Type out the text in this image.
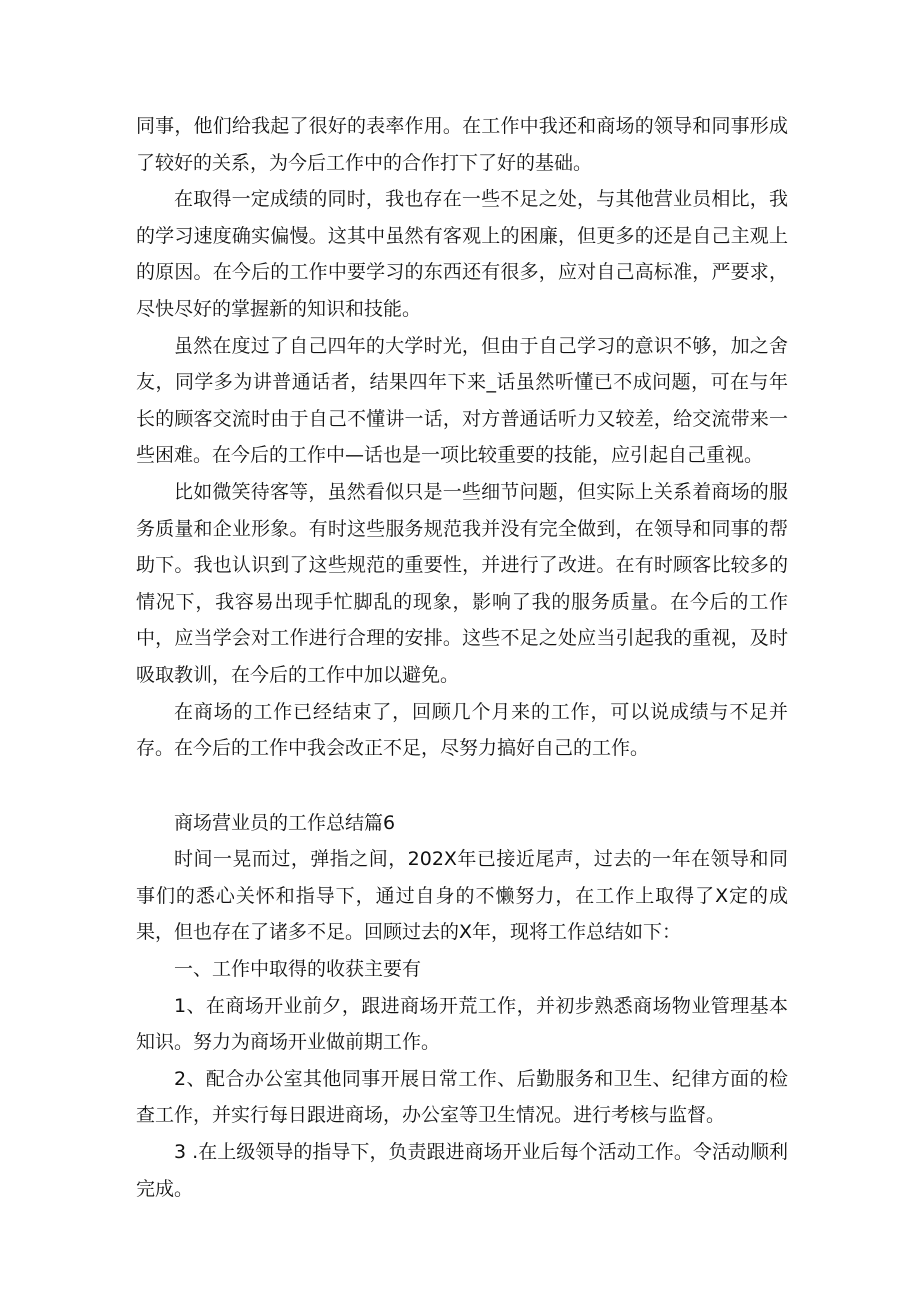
同事，他们给我起了很好的表率作用。在工作中我还和商场的领导和同事形成了较好的关系，为今后工作中的合作打下了好的基础。

在取得一定成绩的同时，我也存在一些不足之处，与其他营业员相比，我的学习速度确实偏慢。这其中虽然有客观上的困廉，但更多的还是自己主观上的原因。在今后的工作中要学习的东西还有很多，应对自己高标准，严要求，尽快尽好的掌握新的知识和技能。

虽然在度过了自己四年的大学时光，但由于自己学习的意识不够，加之舍友，同学多为讲普通话者，结果四年下来_话虽然听懂已不成问题，可在与年长的顾客交流时由于自己不懂讲一话，对方普通话听力又较差，给交流带来一些困难。在今后的工作中—话也是一项比较重要的技能，应引起自己重视。

比如微笑待客等，虽然看似只是一些细节问题，但实际上关系着商场的服务质量和企业形象。有时这些服务规范我并没有完全做到，在领导和同事的帮助下。我也认识到了这些规范的重要性，并进行了改进。在有时顾客比较多的情况下，我容易出现手忙脚乱的现象，影响了我的服务质量。在今后的工作中，应当学会对工作进行合理的安排。这些不足之处应当引起我的重视，及时吸取教训，在今后的工作中加以避免。

在商场的工作已经结束了，回顾几个月来的工作，可以说成绩与不足并存。在今后的工作中我会改正不足，尽努力搞好自己的工作。

商场营业员的工作总结篇6

时间一晃而过，弹指之间，202X年已接近尾声，过去的一年在领导和同事们的悉心关怀和指导下，通过自身的不懒努力，在工作上取得了X定的成果，但也存在了诸多不足。回顾过去的X年，现将工作总结如下：

一、工作中取得的收获主要有

1、在商场开业前夕，跟进商场开荒工作，并初步熟悉商场物业管理基本知识。努力为商场开业做前期工作。

2、配合办公室其他同事开展日常工作、后勤服务和卫生、纪律方面的检查工作，并实行每日跟进商场，办公室等卫生情况。进行考核与监督。

3 .在上级领导的指导下，负责跟进商场开业后每个活动工作。令活动顺利完成。
